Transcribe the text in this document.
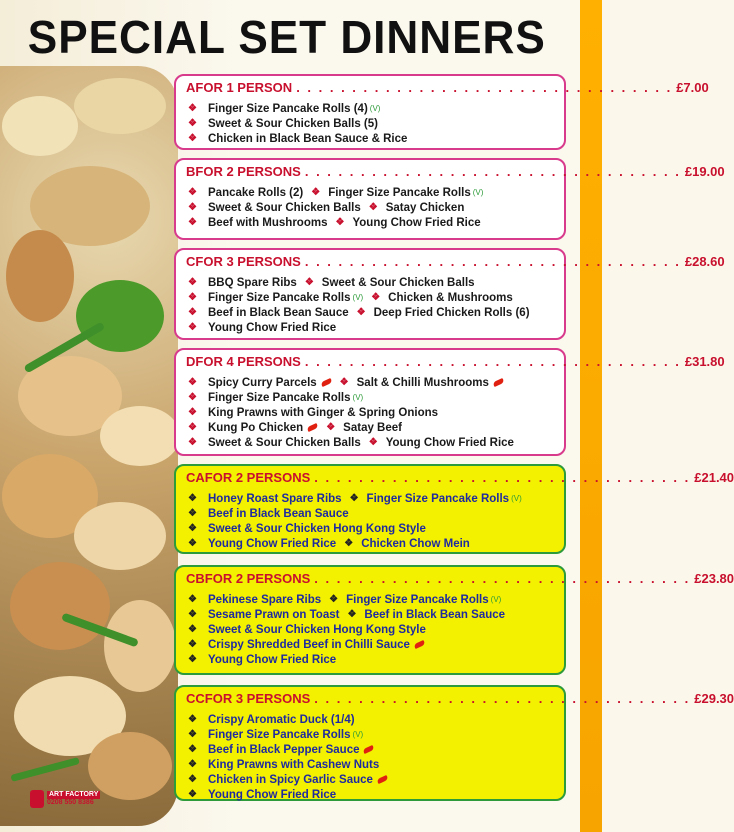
SPECIAL SET DINNERS
A FOR 1 PERSON . . . . . . . . . . . . . . . . . . . . . . . . . . . . . . . . . . £7.00
❖ Finger Size Pancake Rolls (4) (V)
❖ Sweet & Sour Chicken Balls (5)
❖ Chicken in Black Bean Sauce & Rice
B FOR 2 PERSONS . . . . . . . . . . . . . . . . . . . . . . . . . . . . . . . . . . £19.00
❖ Pancake Rolls (2) ❖ Finger Size Pancake Rolls (V)
❖ Sweet & Sour Chicken Balls ❖ Satay Chicken
❖ Beef with Mushrooms ❖ Young Chow Fried Rice
C FOR 3 PERSONS . . . . . . . . . . . . . . . . . . . . . . . . . . . . . . . . . . £28.60
❖ BBQ Spare Ribs ❖ Sweet & Sour Chicken Balls
❖ Finger Size Pancake Rolls (V) ❖ Chicken & Mushrooms
❖ Beef in Black Bean Sauce ❖ Deep Fried Chicken Rolls (6)
❖ Young Chow Fried Rice
D FOR 4 PERSONS . . . . . . . . . . . . . . . . . . . . . . . . . . . . . . . . . . £31.80
❖ Spicy Curry Parcels	❖ Salt & Chilli Mushrooms
❖ Finger Size Pancake Rolls (V)
❖ King Prawns with Ginger & Spring Onions
❖ Kung Po Chicken	❖ Satay Beef
❖ Sweet & Sour Chicken Balls ❖ Young Chow Fried Rice
CA FOR 2 PERSONS . . . . . . . . . . . . . . . . . . . . . . . . . . . . . . . . . . £21.40
❖ Honey Roast Spare Ribs ❖ Finger Size Pancake Rolls (V)
❖ Beef in Black Bean Sauce
❖ Sweet & Sour Chicken Hong Kong Style
❖ Young Chow Fried Rice ❖ Chicken Chow Mein
CB FOR 2 PERSONS . . . . . . . . . . . . . . . . . . . . . . . . . . . . . . . . . . £23.80
❖ Pekinese Spare Ribs ❖ Finger Size Pancake Rolls (V)
❖ Sesame Prawn on Toast ❖ Beef in Black Bean Sauce
❖ Sweet & Sour Chicken Hong Kong Style
❖ Crispy Shredded Beef in Chilli Sauce
❖ Young Chow Fried Rice
CC FOR 3 PERSONS . . . . . . . . . . . . . . . . . . . . . . . . . . . . . . . . . . £29.30
❖ Crispy Aromatic Duck (1/4)
❖ Finger Size Pancake Rolls (V)
❖ Beef in Black Pepper Sauce
❖ King Prawns with Cashew Nuts
❖ Chicken in Spicy Garlic Sauce
❖ Young Chow Fried Rice
ART FACTORY
0208 550 8386
